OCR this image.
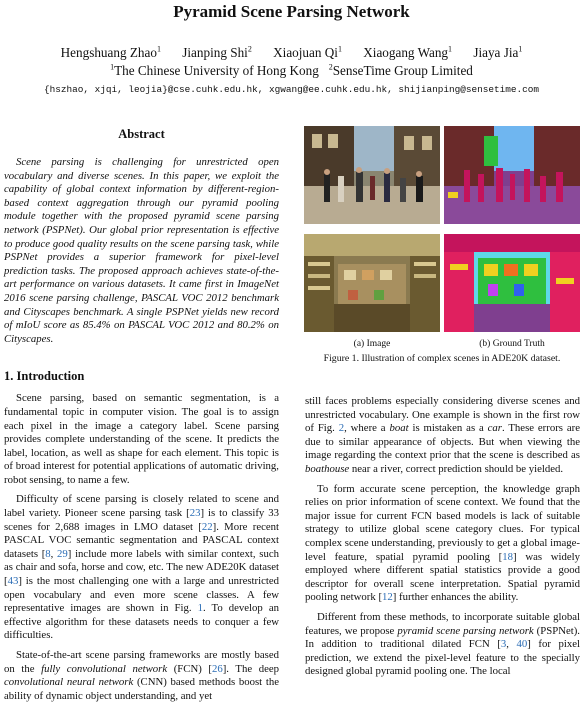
Pyramid Scene Parsing Network
Hengshuang Zhao$^1$ Jianping Shi$^2$ Xiaojuan Qi$^1$ Xiaogang Wang$^1$ Jiaya Jia$^1$
$^1$The Chinese University of Hong Kong $^2$SenseTime Group Limited
{hszhao, xjqi, leojia}@cse.cuhk.edu.hk, xgwang@ee.cuhk.edu.hk, shijianping@sensetime.com
Abstract

Scene parsing is challenging for unrestricted open vocabulary and diverse scenes. In this paper, we exploit the capability of global context information by different-region-based context aggregation through our pyramid pooling module together with the proposed pyramid scene parsing network (PSPNet). Our global prior representation is effective to produce good quality results on the scene parsing task, while PSPNet provides a superior framework for pixel-level prediction tasks. The proposed approach achieves state-of-the-art performance on various datasets. It came first in ImageNet 2016 scene parsing challenge, PASCAL VOC 2012 benchmark and Cityscapes benchmark. A single PSPNet yields new record of mIoU score as 85.4% on PASCAL VOC 2012 and 80.2% on Cityscapes.

1. Introduction

Scene parsing, based on semantic segmentation, is a fundamental topic in computer vision. The goal is to assign each pixel in the image a category label. Scene parsing provides complete understanding of the scene. It predicts the label, location, as well as shape for each element. This topic is of broad interest for potential applications of automatic driving, robot sensing, to name a few.

Difficulty of scene parsing is closely related to scene and label variety. Pioneer scene parsing task [23] is to classify 33 scenes for 2,688 images in LMO dataset [22]. More recent PASCAL VOC semantic segmentation and PASCAL context datasets [8, 29] include more labels with similar context, such as chair and sofa, horse and cow, etc. The new ADE20K dataset [43] is the most challenging one with a large and unrestricted open vocabulary and even more scene classes. A few representative images are shown in Fig. 1. To develop an effective algorithm for these datasets needs to conquer a few difficulties.

State-of-the-art scene parsing frameworks are mostly based on the fully convolutional network (FCN) [26]. The deep convolutional neural network (CNN) based methods boost the ability of dynamic object understanding, and yet

(a) Image	(b) Ground Truth
Figure 1. Illustration of complex scenes in ADE20K dataset.

still faces problems especially considering diverse scenes and unrestricted vocabulary. One example is shown in the first row of Fig. 2, where a boat is mistaken as a car. These errors are due to similar appearance of objects. But when viewing the image regarding the context prior that the scene is described as boathouse near a river, correct prediction should be yielded.

To form accurate scene perception, the knowledge graph relies on prior information of scene context. We found that the major issue for current FCN based models is lack of suitable strategy to utilize global scene category clues. For typical complex scene understanding, previously to get a global image-level feature, spatial pyramid pooling [18] was widely employed where different spatial statistics provide a good descriptor for overall scene interpretation. Spatial pyramid pooling network [12] further enhances the ability.

Different from these methods, to incorporate suitable global features, we propose pyramid scene parsing network (PSPNet). In addition to traditional dilated FCN [3, 40] for pixel prediction, we extend the pixel-level feature to the specially designed global pyramid pooling one. The local
